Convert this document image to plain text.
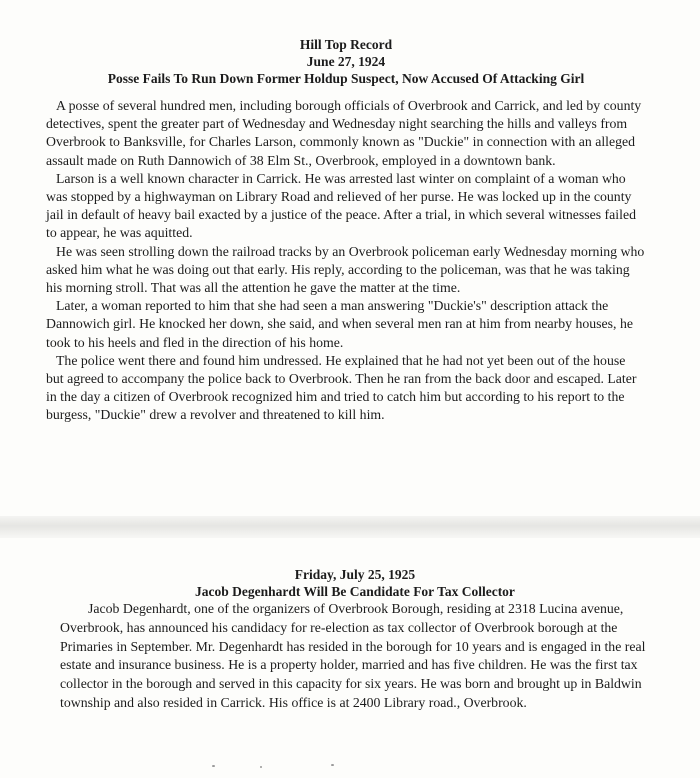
Hill Top Record

June 27, 1924

Posse Fails To Run Down Former Holdup Suspect, Now Accused Of Attacking Girl

A posse of several hundred men, including borough officials of Overbrook and Carrick, and led by county detectives, spent the greater part of Wednesday and Wednesday night searching the hills and valleys from Overbrook to Banksville, for Charles Larson, commonly known as "Duckie" in connection with an alleged assault made on Ruth Dannowich of 38 Elm St., Overbrook, employed in a downtown bank.

Larson is a well known character in Carrick. He was arrested last winter on complaint of a woman who was stopped by a highwayman on Library Road and relieved of her purse. He was locked up in the county jail in default of heavy bail exacted by a justice of the peace. After a trial, in which several witnesses failed to appear, he was aquitted.

He was seen strolling down the railroad tracks by an Overbrook policeman early Wednesday morning who asked him what he was doing out that early. His reply, according to the policeman, was that he was taking his morning stroll. That was all the attention he gave the matter at the time.

Later, a woman reported to him that she had seen a man answering "Duckie's" description attack the Dannowich girl. He knocked her down, she said, and when several men ran at him from nearby houses, he took to his heels and fled in the direction of his home.

The police went there and found him undressed. He explained that he had not yet been out of the house but agreed to accompany the police back to Overbrook. Then he ran from the back door and escaped. Later in the day a citizen of Overbrook recognized him and tried to catch him but according to his report to the burgess, "Duckie" drew a revolver and threatened to kill him.

Friday, July 25, 1925

Jacob Degenhardt Will Be Candidate For Tax Collector

Jacob Degenhardt, one of the organizers of Overbrook Borough, residing at 2318 Lucina avenue, Overbrook, has announced his candidacy for re-election as tax collector of Overbrook borough at the Primaries in September. Mr. Degenhardt has resided in the borough for 10 years and is engaged in the real estate and insurance business. He is a property holder, married and has five children. He was the first tax collector in the borough and served in this capacity for six years. He was born and brought up in Baldwin township and also resided in Carrick. His office is at 2400 Library road., Overbrook.
